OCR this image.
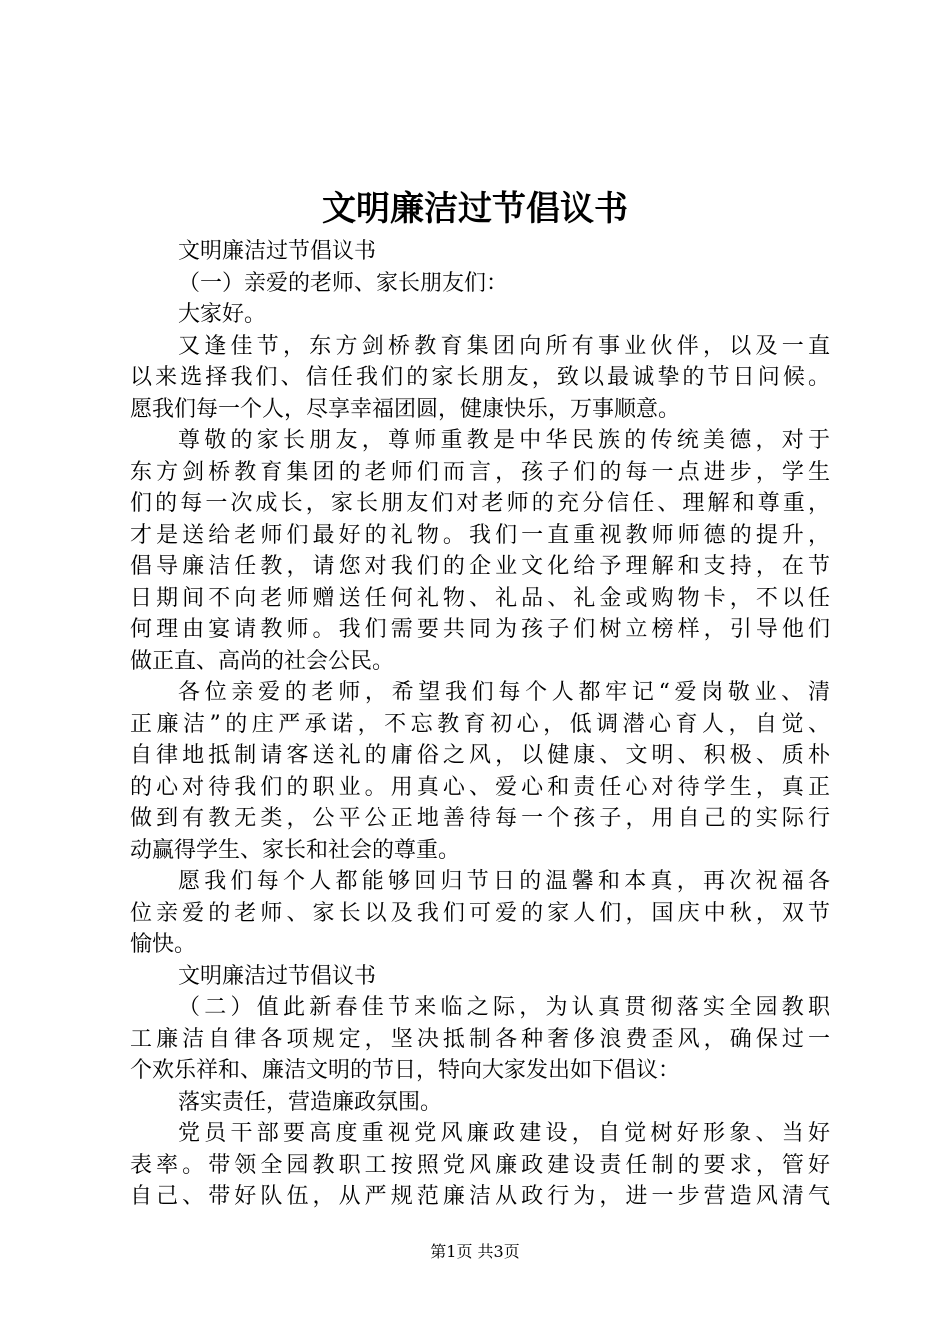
文明廉洁过节倡议书
文明廉洁过节倡议书
（一）亲爱的老师、家长朋友们：
大家好。
又逢佳节，东方剑桥教育集团向所有事业伙伴，以及一直
以来选择我们、信任我们的家长朋友，致以最诚挚的节日问候。
愿我们每一个人，尽享幸福团圆，健康快乐，万事顺意。
尊敬的家长朋友，尊师重教是中华民族的传统美德，对于
东方剑桥教育集团的老师们而言，孩子们的每一点进步，学生
们的每一次成长，家长朋友们对老师的充分信任、理解和尊重，
才是送给老师们最好的礼物。我们一直重视教师师德的提升，
倡导廉洁任教，请您对我们的企业文化给予理解和支持，在节
日期间不向老师赠送任何礼物、礼品、礼金或购物卡，不以任
何理由宴请教师。我们需要共同为孩子们树立榜样，引导他们
做正直、高尚的社会公民。
各位亲爱的老师，希望我们每个人都牢记“爱岗敬业、清
正廉洁”的庄严承诺，不忘教育初心，低调潜心育人，自觉、
自律地抵制请客送礼的庸俗之风，以健康、文明、积极、质朴
的心对待我们的职业。用真心、爱心和责任心对待学生，真正
做到有教无类，公平公正地善待每一个孩子，用自己的实际行
动赢得学生、家长和社会的尊重。
愿我们每个人都能够回归节日的温馨和本真，再次祝福各
位亲爱的老师、家长以及我们可爱的家人们，国庆中秋，双节
愉快。
文明廉洁过节倡议书
（二）值此新春佳节来临之际，为认真贯彻落实全园教职
工廉洁自律各项规定，坚决抵制各种奢侈浪费歪风，确保过一
个欢乐祥和、廉洁文明的节日，特向大家发出如下倡议：
落实责任，营造廉政氛围。
党员干部要高度重视党风廉政建设，自觉树好形象、当好
表率。带领全园教职工按照党风廉政建设责任制的要求，管好
自己、带好队伍，从严规范廉洁从政行为，进一步营造风清气
第1页 共3页
